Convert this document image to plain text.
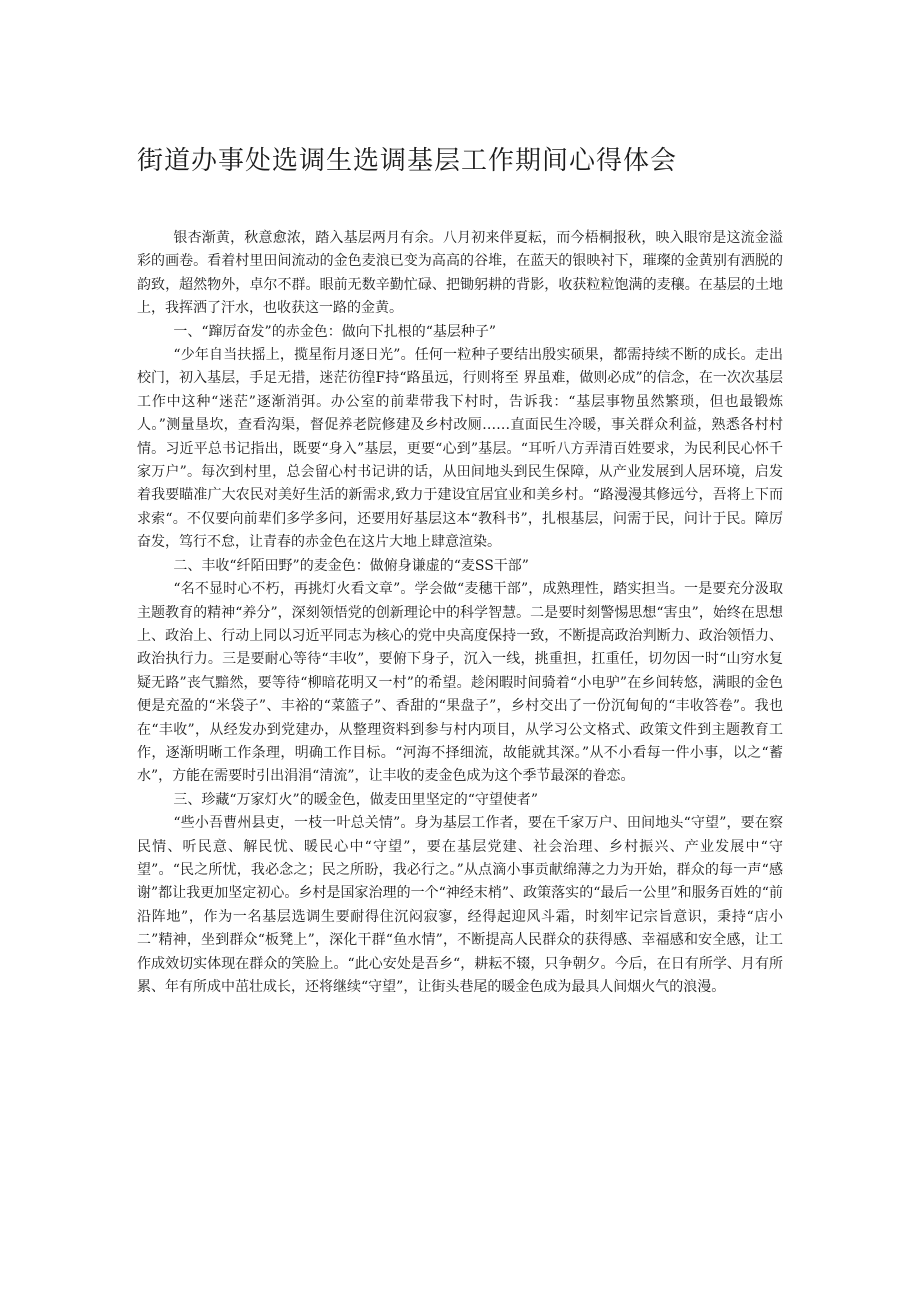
街道办事处选调生选调基层工作期间心得体会

银杏渐黄，秋意愈浓，踏入基层两月有余。八月初来伴夏耘，而今梧桐报秋，映入眼帘是这流金溢彩的画卷。看着村里田间流动的金色麦浪已变为高高的谷堆，在蓝天的银映衬下，璀璨的金黄别有洒脱的韵致，超然物外，卓尔不群。眼前无数辛勤忙碌、把锄躬耕的背影，收获粒粒饱满的麦穰。在基层的土地上，我挥洒了汗水，也收获这一路的金黄。

一、“蹿厉奋发”的赤金色：做向下扎根的“基层种子”

“少年自当扶摇上，揽星衔月逐日光”。任何一粒种子要结出殷实硕果，都需持续不断的成长。走出校门，初入基层，手足无措，迷茫彷徨F持“路虽远，行则将至 界虽难，做则必成”的信念，在一次次基层工作中这种“迷茫”逐渐消弭。办公室的前辈带我下村时，告诉我：“基层事物虽然繁琐，但也最锻炼人。”测量垦坎，查看沟渠，督促养老院修建及乡村改厕……直面民生冷暖，事关群众利益，熟悉各村村情。习近平总书记指出，既要“身入”基层，更要“心到”基层。“耳听八方弄清百姓要求，为民利民心怀千家万户”。每次到村里，总会留心村书记讲的话，从田间地头到民生保障，从产业发展到人居环境，启发着我要瞄准广大农民对美好生活的新需求,致力于建设宜居宜业和美乡村。“路漫漫其修远兮，吾将上下而求索“。不仅要向前辈们多学多问，还要用好基层这本“教科书”，扎根基层，问需于民，问计于民。障厉奋发，笃行不怠，让青春的赤金色在这片大地上肆意渲染。

二、丰收“纤陌田野”的麦金色：做俯身谦虚的“麦SS干部”

“名不显时心不朽，再挑灯火看文章”。学会做“麦穗干部”，成熟理性，踏实担当。一是要充分汲取主题教育的精神“养分”，深刻领悟党的创新理论中的科学智慧。二是要时刻警惕思想“害虫”，始终在思想上、政治上、行动上同以习近平同志为核心的党中央高度保持一致，不断提高政治判断力、政治领悟力、政治执行力。三是要耐心等待“丰收”，要俯下身子，沉入一线，挑重担，扛重任，切勿因一时“山穷水复疑无路”丧气黯然，要等待“柳暗花明又一村”的希望。趁闲暇时间骑着“小电驴”在乡间转悠，满眼的金色便是充盈的“米袋子”、丰裕的“菜篮子”、香甜的“果盘子”，乡村交出了一份沉甸甸的“丰收答卷”。我也在“丰收”，从经发办到党建办，从整理资料到参与村内项目，从学习公文格式、政策文件到主题教育工作，逐渐明晰工作条理，明确工作目标。“河海不择细流，故能就其深。”从不小看每一件小事，以之“蓄水”，方能在需要时引出涓涓“清流”，让丰收的麦金色成为这个季节最深的眷恋。

三、珍藏“万家灯火”的暖金色，做麦田里坚定的“守望使者”

“些小吾曹州县吏，一枝一叶总关情”。身为基层工作者，要在千家万户、田间地头“守望”，要在察民情、听民意、解民忧、暖民心中“守望”，要在基层党建、社会治理、乡村振兴、产业发展中“守望”。“民之所忧，我必念之；民之所盼，我必行之。”从点滴小事贡献绵薄之力为开始，群众的每一声“感谢”都让我更加坚定初心。乡村是国家治理的一个“神经末梢”、政策落实的“最后一公里”和服务百姓的“前沿阵地”，作为一名基层选调生要耐得住沉闷寂寥，经得起迎风斗霜，时刻牢记宗旨意识，秉持“店小二”精神，坐到群众“板凳上”，深化干群“鱼水情”，不断提高人民群众的获得感、幸福感和安全感，让工作成效切实体现在群众的笑脸上。“此心安处是吾乡“，耕耘不辍，只争朝夕。今后，在日有所学、月有所累、年有所成中茁壮成长，还将继续“守望”，让街头巷尾的暖金色成为最具人间烟火气的浪漫。
